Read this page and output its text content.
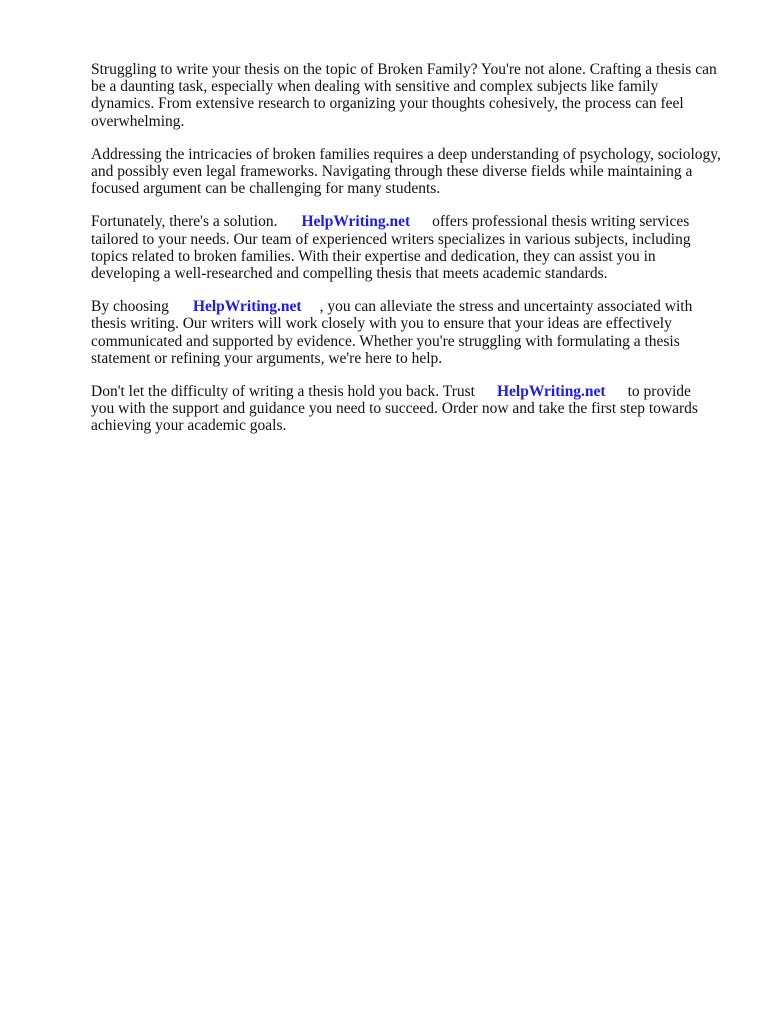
Struggling to write your thesis on the topic of Broken Family? You're not alone. Crafting a thesis can
be a daunting task, especially when dealing with sensitive and complex subjects like family
dynamics. From extensive research to organizing your thoughts cohesively, the process can feel
overwhelming.

Addressing the intricacies of broken families requires a deep understanding of psychology, sociology,
and possibly even legal frameworks. Navigating through these diverse fields while maintaining a
focused argument can be challenging for many students.

Fortunately, there's a solution. HelpWriting.net offers professional thesis writing services
tailored to your needs. Our team of experienced writers specializes in various subjects, including
topics related to broken families. With their expertise and dedication, they can assist you in
developing a well-researched and compelling thesis that meets academic standards.

By choosing HelpWriting.net , you can alleviate the stress and uncertainty associated with
thesis writing. Our writers will work closely with you to ensure that your ideas are effectively
communicated and supported by evidence. Whether you're struggling with formulating a thesis
statement or refining your arguments, we're here to help.

Don't let the difficulty of writing a thesis hold you back. Trust HelpWriting.net to provide
you with the support and guidance you need to succeed. Order now and take the first step towards
achieving your academic goals.
